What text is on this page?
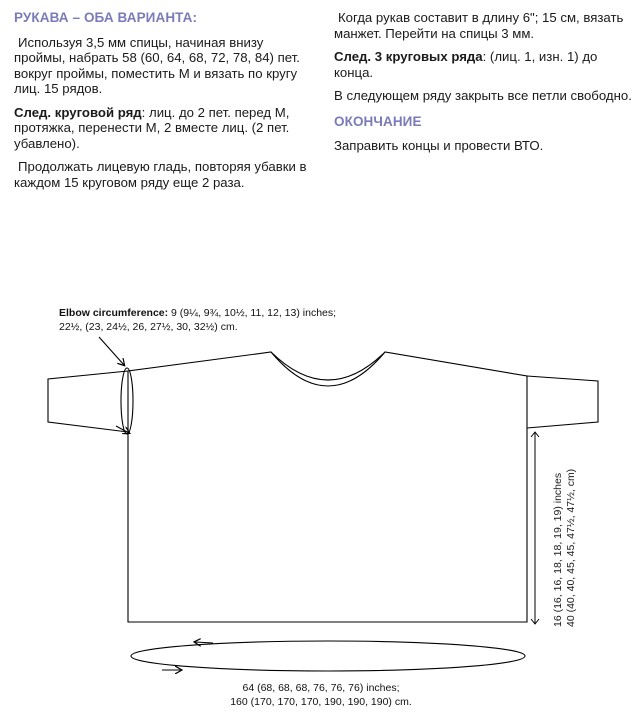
РУКАВА – ОБА ВАРИАНТА:
Используя 3,5 мм спицы, начиная внизу проймы, набрать 58 (60, 64, 68, 72, 78, 84) пет. вокруг проймы, поместить М и вязать по кругу лиц. 15 рядов.
След. круговой ряд: лиц. до 2 пет. перед М, протяжка, перенести М, 2 вместе лиц. (2 пет. убавлено).
Продолжать лицевую гладь, повторяя убавки в каждом 15 круговом ряду еще 2 раза.
Когда рукав составит в длину 6"; 15 см, вязать манжет. Перейти на спицы 3 мм.
След. 3 круговых ряда: (лиц. 1, изн. 1) до конца.
В следующем ряду закрыть все петли свободно.
ОКОНЧАНИЕ
Заправить концы и провести ВТО.
Elbow circumference: 9 (9¼, 9¾, 10½, 11, 12, 13) inches;
22½, (23, 24½, 26, 27½, 30, 32½) cm.
16 (16, 16, 18, 18, 19, 19) inches 40 (40, 40, 45, 45, 47½, 47½, cm)
64 (68, 68, 68, 76, 76, 76) inches;
160 (170, 170, 170, 190, 190, 190) cm.
